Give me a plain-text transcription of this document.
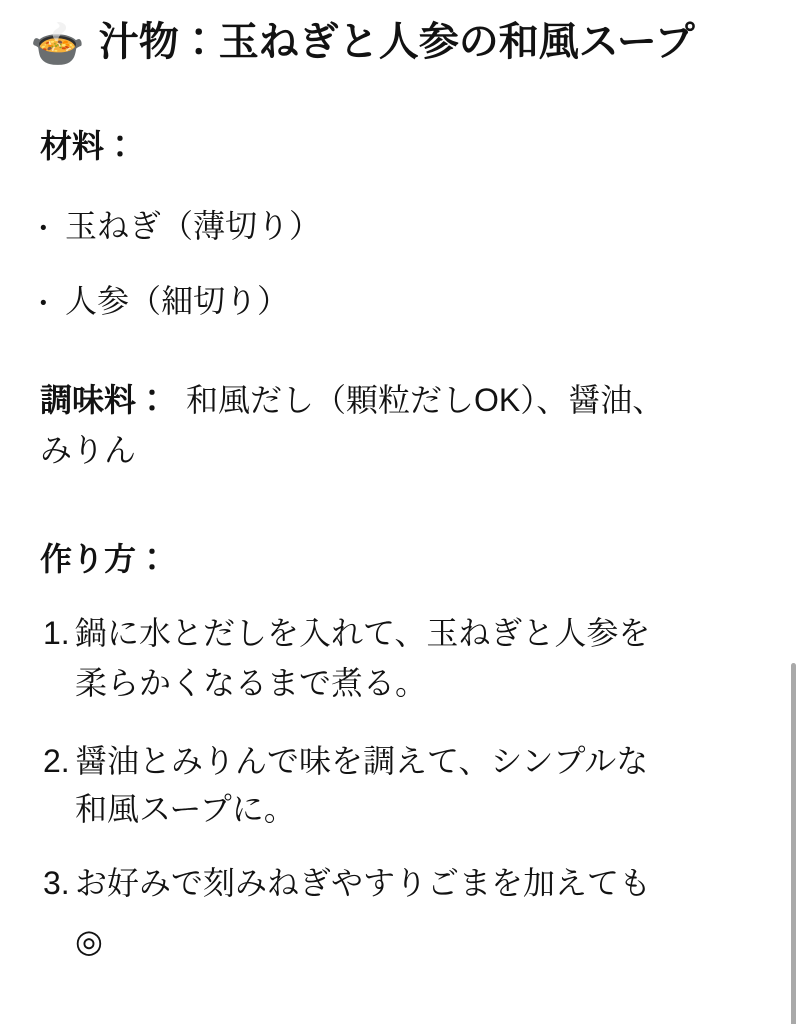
🍲 汁物：玉ねぎと人参の和風スープ
材料：
• 玉ねぎ（薄切り）
• 人参（細切り）
調味料： 和風だし（顆粒だしOK）、醤油、
みりん
作り方：
1. 鍋に水とだしを入れて、玉ねぎと人参を
柔らかくなるまで煮る。
2. 醤油とみりんで味を調えて、シンプルな
和風スープに。
3. お好みで刻みねぎやすりごまを加えても
◎
